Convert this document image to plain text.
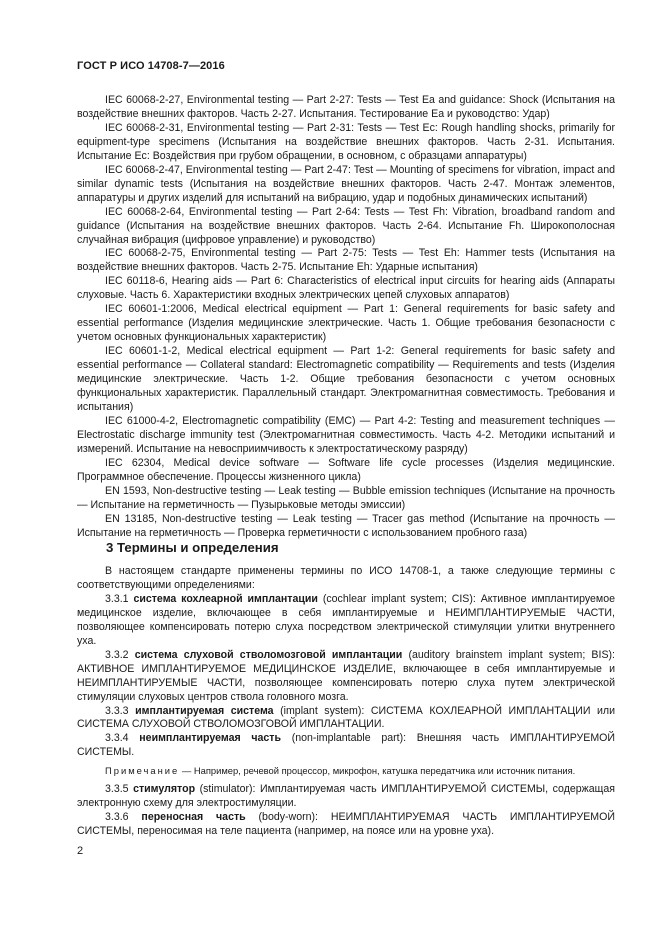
ГОСТ Р ИСО 14708-7—2016

IEC 60068-2-27, Environmental testing — Part 2-27: Tests — Test Ea and guidance: Shock (Испытания на воздействие внешних факторов. Часть 2-27. Испытания. Тестирование Ea и руководство: Удар)

IEC 60068-2-31, Environmental testing — Part 2-31: Tests — Test Ec: Rough handling shocks, primarily for equipment-type specimens (Испытания на воздействие внешних факторов. Часть 2-31. Испытания. Испытание Ec: Воздействия при грубом обращении, в основном, с образцами аппаратуры)

IEC 60068-2-47, Environmental testing — Part 2-47: Test — Mounting of specimens for vibration, impact and similar dynamic tests (Испытания на воздействие внешних факторов. Часть 2-47. Монтаж элементов, аппаратуры и других изделий для испытаний на вибрацию, удар и подобных динамических испытаний)

IEC 60068-2-64, Environmental testing — Part 2-64: Tests — Test Fh: Vibration, broadband random and guidance (Испытания на воздействие внешних факторов. Часть 2-64. Испытание Fh. Широкополосная случайная вибрация (цифровое управление) и руководство)

IEC 60068-2-75, Environmental testing — Part 2-75: Tests — Test Eh: Hammer tests (Испытания на воздействие внешних факторов. Часть 2-75. Испытание Eh: Ударные испытания)

IEC 60118-6, Hearing aids — Part 6: Characteristics of electrical input circuits for hearing aids (Аппараты слуховые. Часть 6. Характеристики входных электрических цепей слуховых аппаратов)

IEC 60601-1:2006, Medical electrical equipment — Part 1: General requirements for basic safety and essential performance (Изделия медицинские электрические. Часть 1. Общие требования безопасности с учетом основных функциональных характеристик)

IEC 60601-1-2, Medical electrical equipment — Part 1-2: General requirements for basic safety and essential performance — Collateral standard: Electromagnetic compatibility — Requirements and tests (Изделия медицинские электрические. Часть 1-2. Общие требования безопасности с учетом основных функциональных характеристик. Параллельный стандарт. Электромагнитная совместимость. Требования и испытания)

IEC 61000-4-2, Electromagnetic compatibility (EMC) — Part 4-2: Testing and measurement techniques — Electrostatic discharge immunity test (Электромагнитная совместимость. Часть 4-2. Методики испытаний и измерений. Испытание на невосприимчивость к электростатическому разряду)

IEC 62304, Medical device software — Software life cycle processes (Изделия медицинские. Программное обеспечение. Процессы жизненного цикла)

EN 1593, Non-destructive testing — Leak testing — Bubble emission techniques (Испытание на прочность — Испытание на герметичность — Пузырьковые методы эмиссии)

EN 13185, Non-destructive testing — Leak testing — Tracer gas method (Испытание на прочность — Испытание на герметичность — Проверка герметичности с использованием пробного газа)

3 Термины и определения

В настоящем стандарте применены термины по ИСО 14708-1, а также следующие термины с соответствующими определениями:

3.3.1 система кохлеарной имплантации (cochlear implant system; CIS): Активное имплантируемое медицинское изделие, включающее в себя имплантируемые и НЕИМПЛАНТИРУЕМЫЕ ЧАСТИ, позволяющее компенсировать потерю слуха посредством электрической стимуляции улитки внутреннего уха.

3.3.2 система слуховой стволомозговой имплантации (auditory brainstem implant system; BIS): АКТИВНОЕ ИМПЛАНТИРУЕМОЕ МЕДИЦИНСКОЕ ИЗДЕЛИЕ, включающее в себя имплантируемые и НЕИМПЛАНТИРУЕМЫЕ ЧАСТИ, позволяющее компенсировать потерю слуха путем электрической стимуляции слуховых центров ствола головного мозга.

3.3.3 имплантируемая система (implant system): СИСТЕМА КОХЛЕАРНОЙ ИМПЛАНТАЦИИ или СИСТЕМА СЛУХОВОЙ СТВОЛОМОЗГОВОЙ ИМПЛАНТАЦИИ.

3.3.4 неимплантируемая часть (non-implantable part): Внешняя часть ИМПЛАНТИРУЕМОЙ СИСТЕМЫ.

Примечание — Например, речевой процессор, микрофон, катушка передатчика или источник питания.

3.3.5 стимулятор (stimulator): Имплантируемая часть ИМПЛАНТИРУЕМОЙ СИСТЕМЫ, содержащая электронную схему для электростимуляции.

3.3.6 переносная часть (body-worn): НЕИМПЛАНТИРУЕМАЯ ЧАСТЬ ИМПЛАНТИРУЕМОЙ СИСТЕМЫ, переносимая на теле пациента (например, на поясе или на уровне уха).

2
